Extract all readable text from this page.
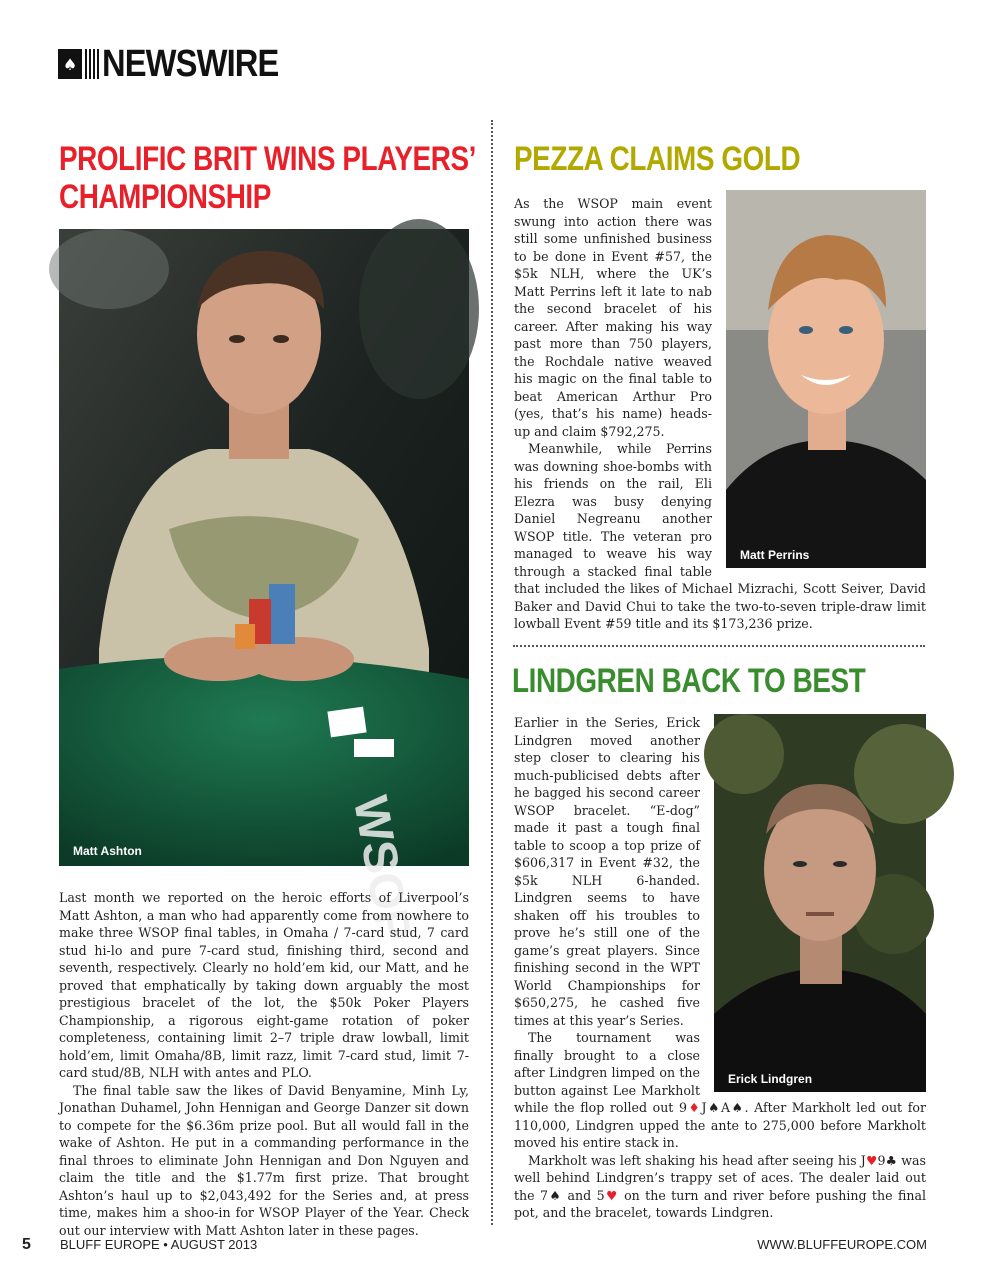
♠ NEWSWIRE
PROLIFIC BRIT WINS PLAYERS’
CHAMPIONSHIP
WSOP
Matt Ashton

Last month we reported on the heroic efforts of Liverpool’s Matt Ashton, a man who had apparently come from nowhere to make three WSOP final tables, in Omaha / 7-card stud, 7 card stud hi-lo and pure 7-card stud, finishing third, second and seventh, respectively. Clearly no hold’em kid, our Matt, and he proved that emphatically by taking down arguably the most prestigious bracelet of the lot, the $50k Poker Players Championship, a rigorous eight-game rotation of poker completeness, containing limit 2–7 triple draw lowball, limit hold’em, limit Omaha/8B, limit razz, limit 7-card stud, limit 7-card stud/8B, NLH with antes and PLO.

The final table saw the likes of David Benyamine, Minh Ly, Jonathan Duhamel, John Hennigan and George Danzer sit down to compete for the $6.36m prize pool. But all would fall in the wake of Ashton. He put in a commanding performance in the final throes to eliminate John Hennigan and Don Nguyen and claim the title and the $1.77m first prize. That brought Ashton’s haul up to $2,043,492 for the Series and, at press time, makes him a shoo-in for WSOP Player of the Year. Check out our interview with Matt Ashton later in these pages.

PEZZA CLAIMS GOLD
Matt Perrins

As the WSOP main event swung into action there was still some unfinished business to be done in Event #57, the $5k NLH, where the UK’s Matt Perrins left it late to nab the second bracelet of his career. After making his way past more than 750 players, the Rochdale native weaved his magic on the final table to beat American Arthur Pro (yes, that’s his name) heads-up and claim $792,275.

Meanwhile, while Perrins was downing shoe-bombs with his friends on the rail, Eli Elezra was busy denying Daniel Negreanu another WSOP title. The veteran pro managed to weave his way through a stacked final table that included the likes of Michael Mizrachi, Scott Seiver, David Baker and David Chui to take the two-to-seven triple-draw limit lowball Event #59 title and its $173,236 prize.

LINDGREN BACK TO BEST
Erick Lindgren

Earlier in the Series, Erick Lindgren moved another step closer to clearing his much-publicised debts after he bagged his second career WSOP bracelet. “E-dog” made it past a tough final table to scoop a top prize of $606,317 in Event #32, the $5k NLH 6-handed. Lindgren seems to have shaken off his troubles to prove he’s still one of the game’s great players. Since finishing second in the WPT World Championships for $650,275, he cashed five times at this year’s Series.

The tournament was finally brought to a close after Lindgren limped on the button against Lee Markholt while the flop rolled out 9♦J♠A♠. After Markholt led out for 110,000, Lindgren upped the ante to 275,000 before Markholt moved his entire stack in.

Markholt was left shaking his head after seeing his J♥9♣ was well behind Lindgren’s trappy set of aces. The dealer laid out the 7♠ and 5♥ on the turn and river before pushing the final pot, and the bracelet, towards Lindgren.

5 BLUFF EUROPE • AUGUST 2013	WWW.BLUFFEUROPE.COM
